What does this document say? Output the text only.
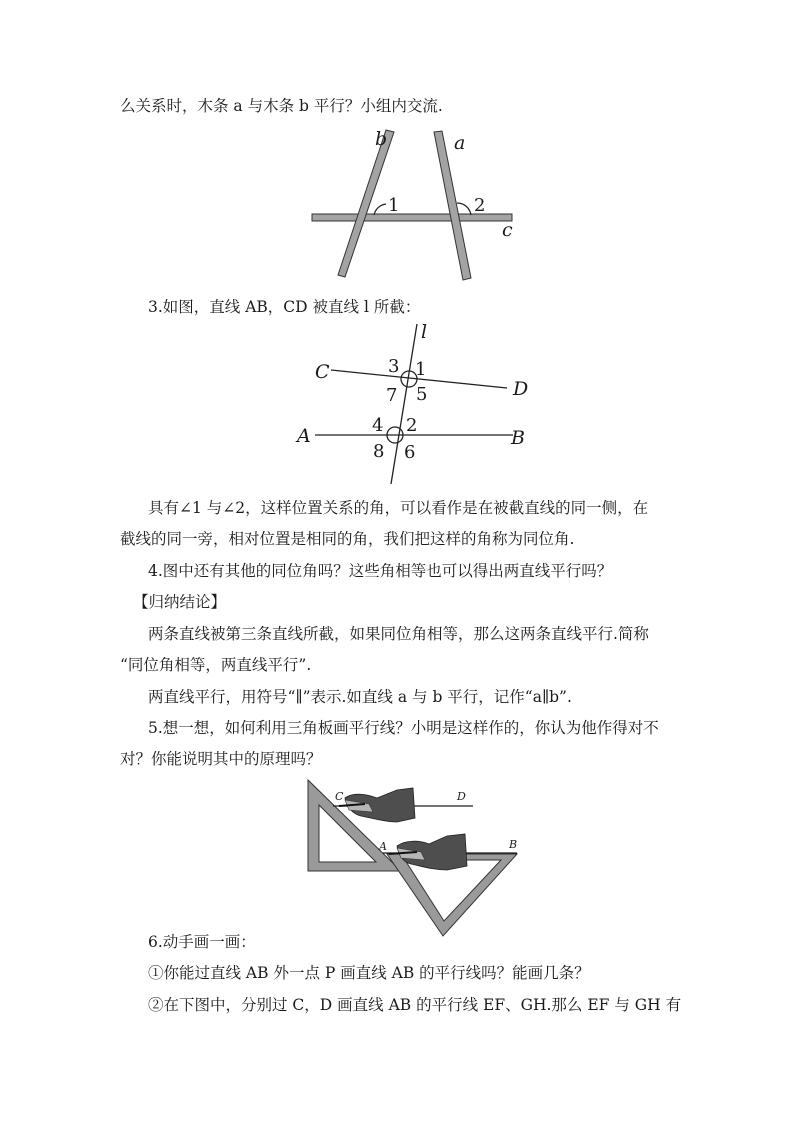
么关系时，木条 a 与木条 b 平行？小组内交流.
b	a
c
1	2
3.如图，直线 AB，CD 被直线 l 所截：
l
C
D
A	B
3 1
7 5
4 2
8 6
具有∠1 与∠2，这样位置关系的角，可以看作是在被截直线的同一侧，在
截线的同一旁，相对位置是相同的角，我们把这样的角称为同位角.
4.图中还有其他的同位角吗？这些角相等也可以得出两直线平行吗？
【归纳结论】
两条直线被第三条直线所截，如果同位角相等，那么这两条直线平行.简称
“同位角相等，两直线平行”.
两直线平行，用符号“∥”表示.如直线 a 与 b 平行，记作“a∥b”.
5.想一想，如何利用三角板画平行线？小明是这样作的，你认为他作得对不
对？你能说明其中的原理吗？
C	D
A	B
6.动手画一画：
①你能过直线 AB 外一点 P 画直线 AB 的平行线吗？能画几条？
②在下图中，分别过 C，D 画直线 AB 的平行线 EF、GH.那么 EF 与 GH 有
